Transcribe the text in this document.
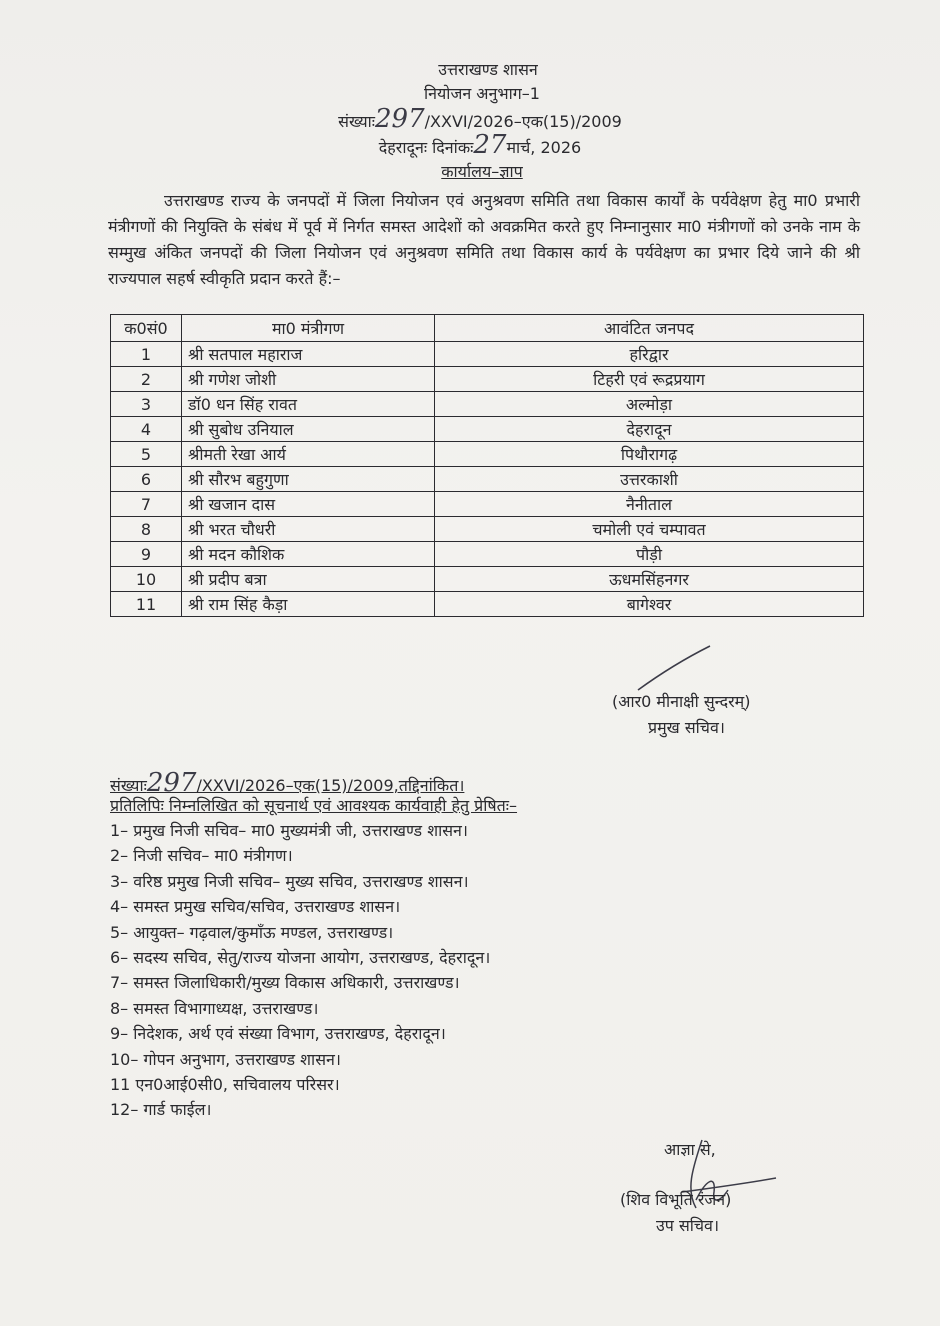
उत्तराखण्ड शासन
नियोजन अनुभाग–1
संख्याः297/XXVI/2026–एक(15)/2009
देहरादूनः दिनांकः27मार्च, 2026
कार्यालय–ज्ञाप
उत्तराखण्ड राज्य के जनपदों में जिला नियोजन एवं अनुश्रवण समिति तथा विकास कार्यों के पर्यवेक्षण हेतु मा0 प्रभारी मंत्रीगणों की नियुक्ति के संबंध में पूर्व में निर्गत समस्त आदेशों को अवक्रमित करते हुए निम्नानुसार मा0 मंत्रीगणों को उनके नाम के सम्मुख अंकित जनपदों की जिला नियोजन एवं अनुश्रवण समिति तथा विकास कार्य के पर्यवेक्षण का प्रभार दिये जाने की श्री राज्यपाल सहर्ष स्वीकृति प्रदान करते हैं:–
क0सं0	मा0 मंत्रीगण	आवंटित जनपद
1	श्री सतपाल महाराज	हरिद्वार
2	श्री गणेश जोशी	टिहरी एवं रूद्रप्रयाग
3	डॉ0 धन सिंह रावत	अल्मोड़ा
4	श्री सुबोध उनियाल	देहरादून
5	श्रीमती रेखा आर्य	पिथौरागढ़
6	श्री सौरभ बहुगुणा	उत्तरकाशी
7	श्री खजान दास	नैनीताल
8	श्री भरत चौधरी	चमोली एवं चम्पावत
9	श्री मदन कौशिक	पौड़ी
10	श्री प्रदीप बत्रा	ऊधमसिंहनगर
11	श्री राम सिंह कैड़ा	बागेश्वर
(आर0 मीनाक्षी सुन्दरम्)
प्रमुख सचिव।
संख्याः297/XXVI/2026–एक(15)/2009,तद्दिनांकित।
प्रतिलिपिः निम्नलिखित को सूचनार्थ एवं आवश्यक कार्यवाही हेतु प्रेषितः–
1– प्रमुख निजी सचिव– मा0 मुख्यमंत्री जी, उत्तराखण्ड शासन।
2– निजी सचिव– मा0 मंत्रीगण।
3– वरिष्ठ प्रमुख निजी सचिव– मुख्य सचिव, उत्तराखण्ड शासन।
4– समस्त प्रमुख सचिव/सचिव, उत्तराखण्ड शासन।
5– आयुक्त– गढ़वाल/कुमाँऊ मण्डल, उत्तराखण्ड।
6– सदस्य सचिव, सेतु/राज्य योजना आयोग, उत्तराखण्ड, देहरादून।
7– समस्त जिलाधिकारी/मुख्य विकास अधिकारी, उत्तराखण्ड।
8– समस्त विभागाध्यक्ष, उत्तराखण्ड।
9– निदेशक, अर्थ एवं संख्या विभाग, उत्तराखण्ड, देहरादून।
10– गोपन अनुभाग, उत्तराखण्ड शासन।
11 एन0आई0सी0, सचिवालय परिसर।
12– गार्ड फाईल।
आज्ञा से,
(शिव विभूति रंजन)
उप सचिव।
